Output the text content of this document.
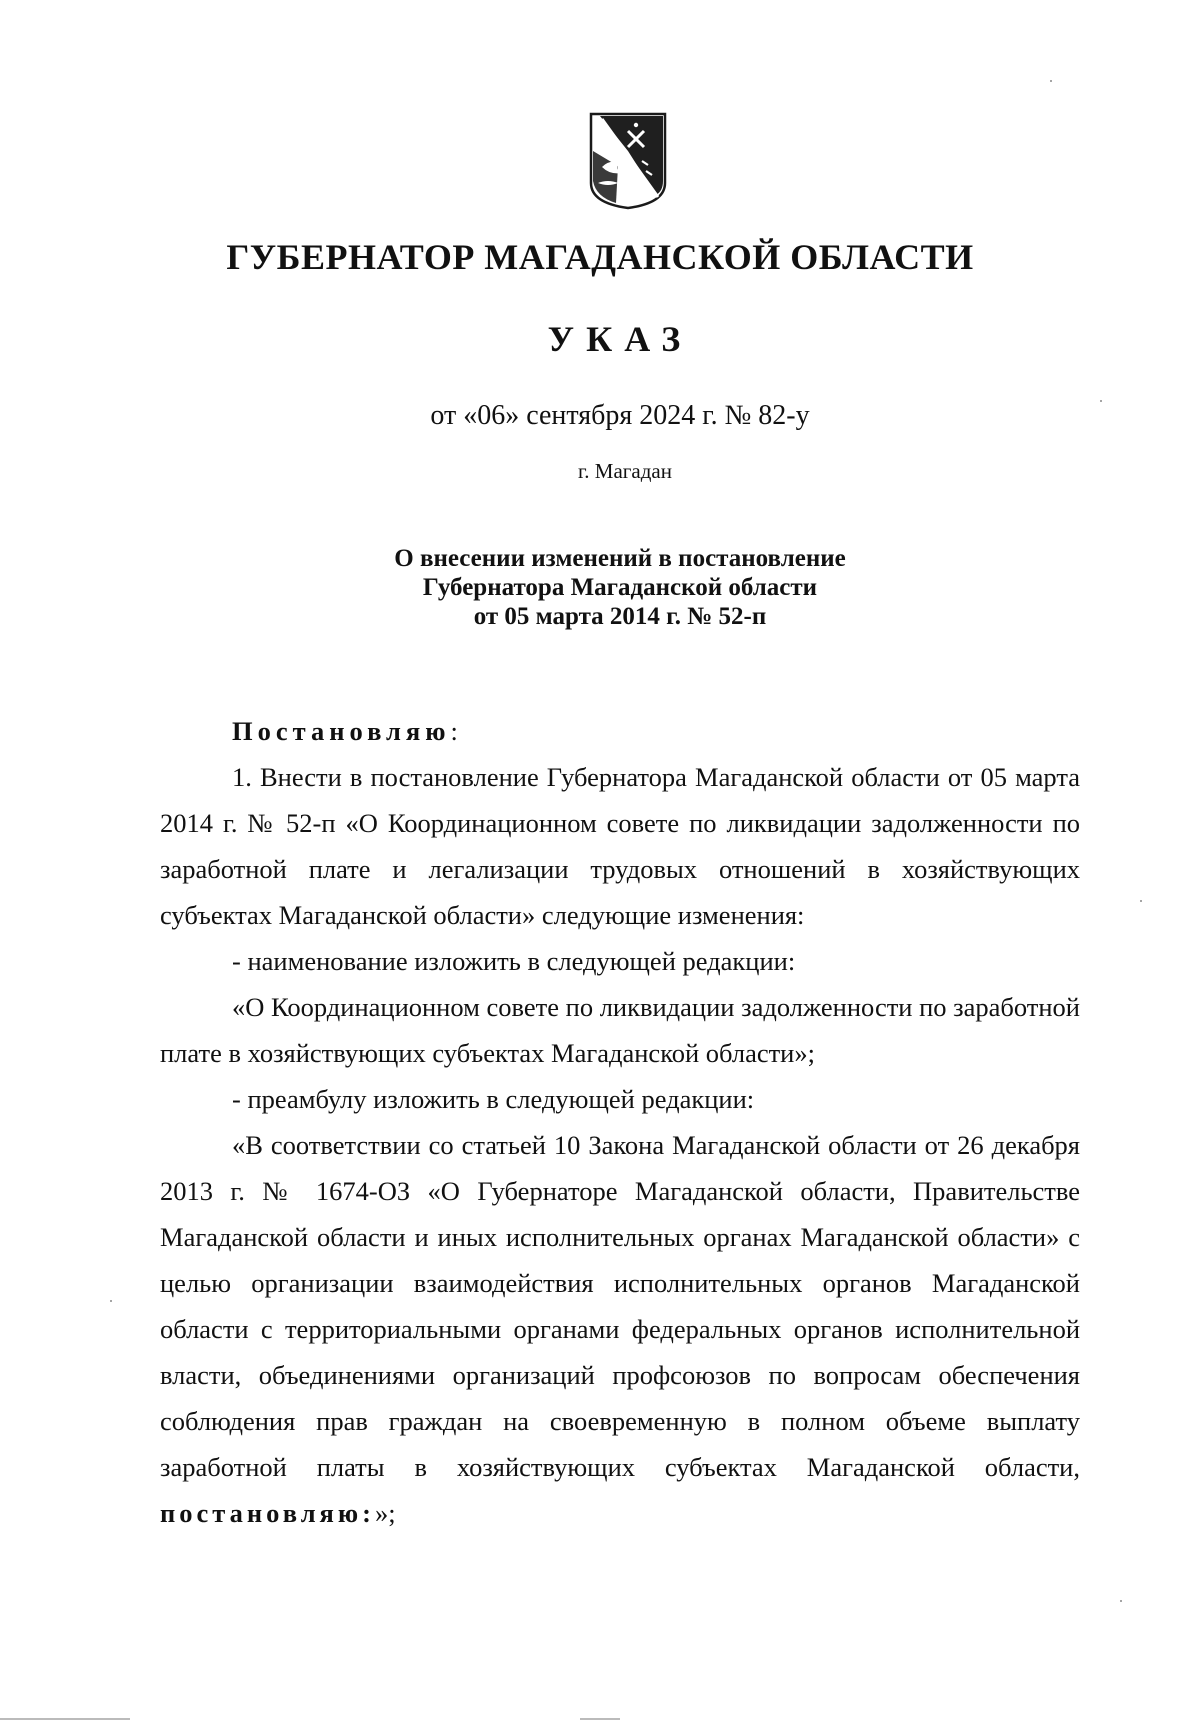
ГУБЕРНАТОР МАГАДАНСКОЙ ОБЛАСТИ
УКАЗ
от «06» сентября 2024 г. № 82-у
г. Магадан
О внесении изменений в постановление
Губернатора Магаданской области
от 05 марта 2014 г. № 52-п

Постановляю:

1. Внести в постановление Губернатора Магаданской области от 05 марта 2014 г. № 52-п «О Координационном совете по ликвидации задолженности по заработной плате и легализации трудовых отношений в хозяйствующих субъектах Магаданской области» следующие изменения:

- наименование изложить в следующей редакции:

«О Координационном совете по ликвидации задолженности по заработной плате в хозяйствующих субъектах Магаданской области»;

- преамбулу изложить в следующей редакции:

«В соответствии со статьей 10 Закона Магаданской области от 26 декабря 2013 г. № 1674-ОЗ «О Губернаторе Магаданской области, Правительстве Магаданской области и иных исполнительных органах Магаданской области» с целью организации взаимодействия исполнительных органов Магаданской области с территориальными органами федеральных органов исполнительной власти, объединениями организаций профсоюзов по вопросам обеспечения соблюдения прав граждан на своевременную в полном объеме выплату заработной платы в хозяйствующих субъектах Магаданской области, постановляю:»;
